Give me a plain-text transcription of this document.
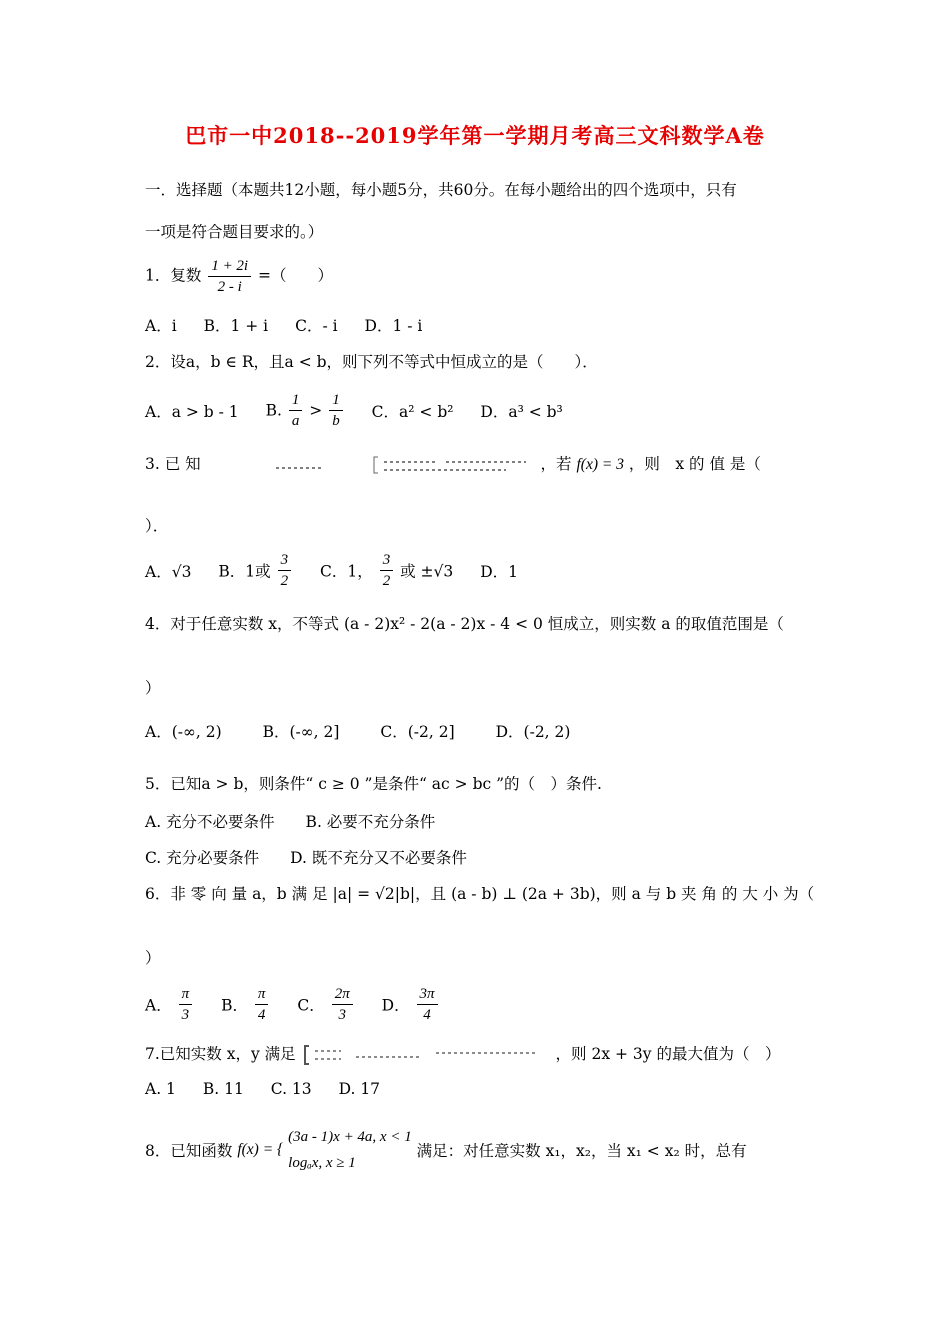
巴市一中2018--2019学年第一学期月考高三文科数学A卷
一．选择题（本题共12小题，每小题5分，共60分。在每小题给出的四个选项中，只有
一项是符合题目要求的。）
1．复数 $\frac{1 + 2i}{2 - i}$ =（　　）
A．i B．1 + i C．- i D．1 - i
2．设a，b ∈ R，且a < b，则下列不等式中恒成立的是（　　）．
A．a > b - 1 B. $\frac{1}{a} > \frac{1}{b}$ C．a² < b² D．a³ < b³
3. 已 知	，若 f(x) = 3 ，则　x 的 值 是（
）．
A．√3 B．1或 $\frac{3}{2}$ C．1， $\frac{3}{2}$ 或 ±√3 D．1
4．对于任意实数 x，不等式 (a - 2)x² - 2(a - 2)x - 4 < 0 恒成立，则实数 a 的取值范围是（
）
A．(-∞, 2)	B．(-∞, 2]	C．(-2, 2]	D．(-2, 2)
5．已知a > b，则条件“ c ≥ 0 ”是条件“ ac > bc ”的（　）条件.
A. 充分不必要条件　　B. 必要不充分条件
C. 充分必要条件　　D. 既不充分又不必要条件
6．非 零 向 量 a，b 满 足 |a| = √2|b|，且 (a - b) ⊥ (2a + 3b)，则 a 与 b 夹 角 的 大 小 为（
）
A． $\frac{\pi}{3}$ B． $\frac{\pi}{4}$ C． $\frac{2\pi}{3}$ D． $\frac{3\pi}{4}$
7.已知实数 x，y 满足	，则 2x + 3y 的最大值为（　）
A. 1 B. 11 C. 13 D. 17
8．已知函数 f(x) = {
(3a - 1)x + 4a, x < 1
logₐx, x ≥ 1
满足：对任意实数 x₁，x₂，当 x₁ < x₂ 时，总有
